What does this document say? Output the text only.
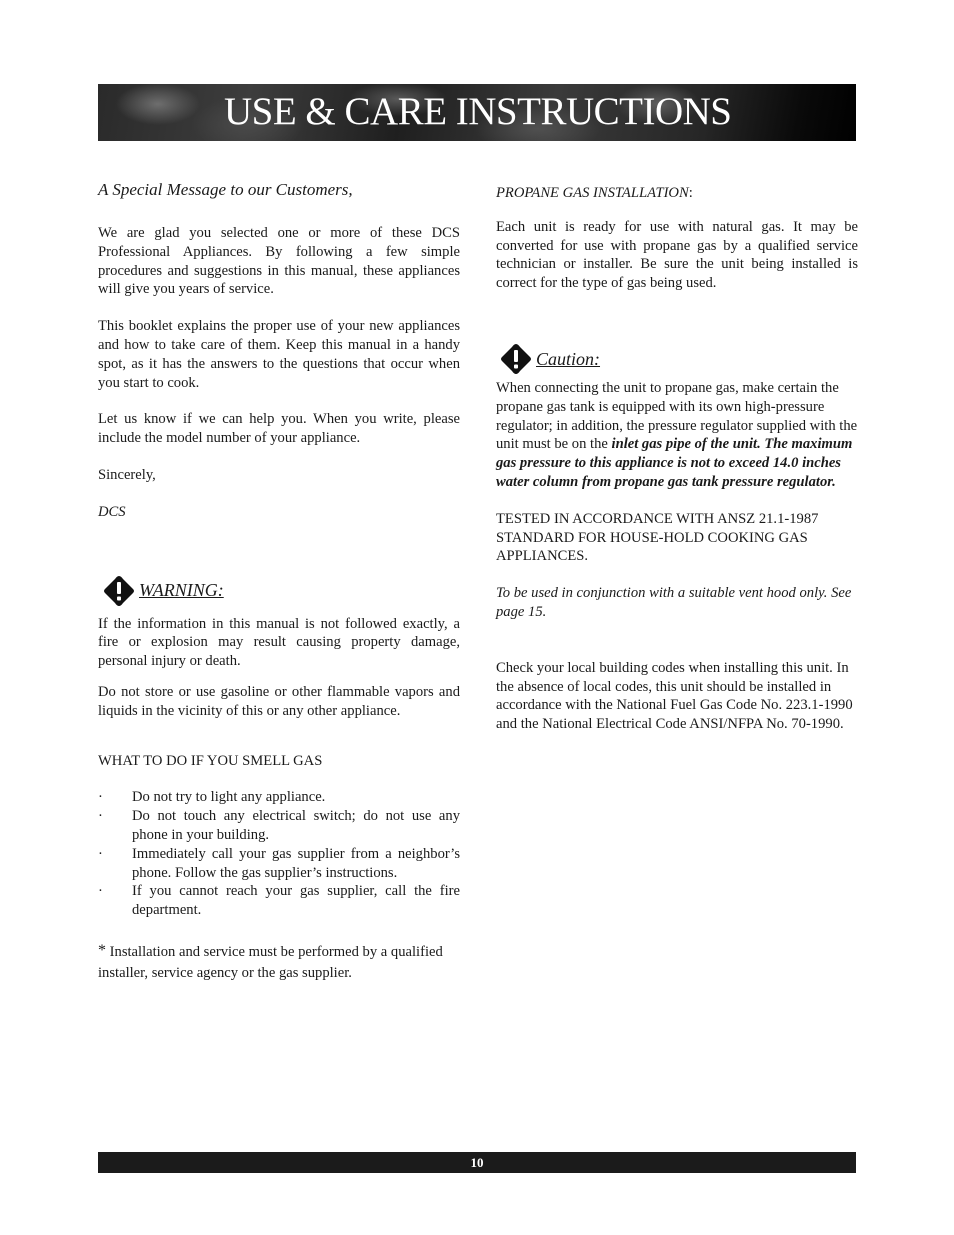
USE & CARE INSTRUCTIONS

A Special Message to our Customers,

We are glad you selected one or more of these DCS Professional Appliances. By following a few simple procedures and suggestions in this manual, these appliances will give you years of service.

This booklet explains the proper use of your new appliances and how to take care of them. Keep this manual in a handy spot, as it has the answers to the questions that occur when you start to cook.

Let us know if we can help you. When you write, please include the model number of your appliance.

Sincerely,

DCS

WARNING:

If the information in this manual is not followed exactly, a fire or explosion may result causing property damage, personal injury or death.

Do not store or use gasoline or other flammable vapors and liquids in the vicinity of this or any other appliance.

WHAT TO DO IF YOU SMELL GAS

· Do not try to light any appliance.
· Do not touch any electrical switch; do not use any phone in your building.
· Immediately call your gas supplier from a neighbor’s phone. Follow the gas supplier’s instructions.
· If you cannot reach your gas supplier, call the fire department.

* Installation and service must be performed by a qualified installer, service agency or the gas supplier.

PROPANE GAS INSTALLATION:

Each unit is ready for use with natural gas. It may be converted for use with propane gas by a qualified service technician or installer. Be sure the unit being installed is correct for the type of gas being used.

Caution:

When connecting the unit to propane gas, make certain the propane gas tank is equipped with its own high-pressure regulator; in addition, the pressure regulator supplied with the unit must be on the inlet gas pipe of the unit. The maximum gas pressure to this appliance is not to exceed 14.0 inches water column from propane gas tank pressure regulator.

TESTED IN ACCORDANCE WITH ANSZ 21.1-1987 STANDARD FOR HOUSE-HOLD COOKING GAS APPLIANCES.

To be used in conjunction with a suitable vent hood only. See page 15.

Check your local building codes when installing this unit. In the absence of local codes, this unit should be installed in accordance with the National Fuel Gas Code No. 223.1-1990 and the National Electrical Code ANSI/NFPA No. 70-1990.

10
